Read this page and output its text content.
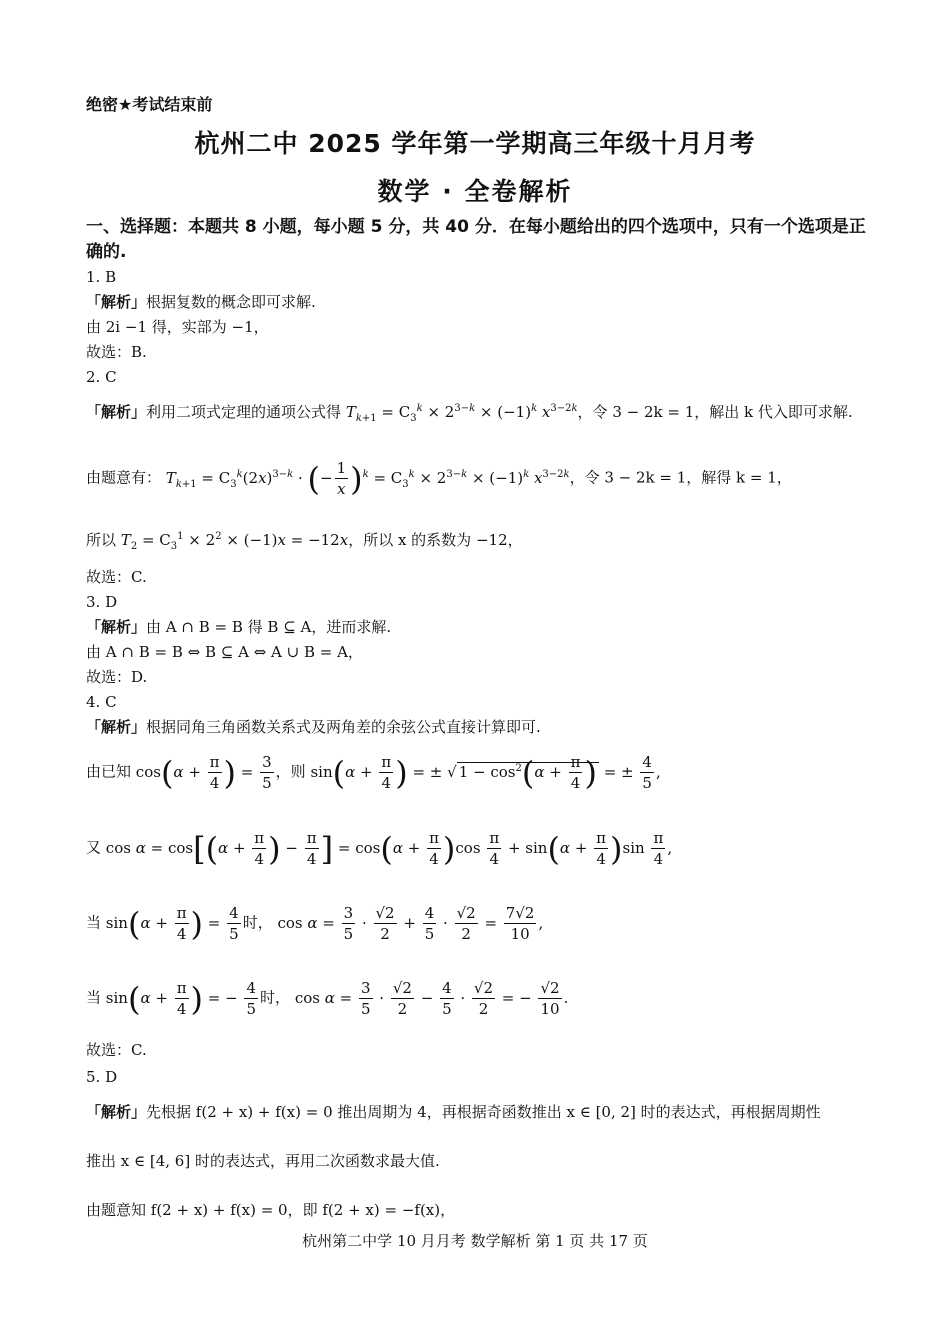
绝密★考试结束前
杭州二中 2025 学年第一学期高三年级十月月考
数学 · 全卷解析
一、选择题：本题共 8 小题，每小题 5 分，共 40 分．在每小题给出的四个选项中，只有一个选项是正确的.
1. B
「解析」根据复数的概念即可求解.
由 2i −1 得，实部为 −1，
故选：B.
2. C
「解析」利用二项式定理的通项公式得 $T_{k+1} = C_3^k \times 2^{3-k} \times (-1)^k$ $x^{3-2k}$，令 3 − 2k = 1，解出 k 代入即可求解.
由题意有： $T_{k+1} = C_3^k(2x)^{3-k}$ · (− $\frac{1}{x} )^k = C_3^k \times 2^{3-k} \times (-1)^k$ $x^{3-2k}$，令 3 − 2k = 1，解得 k = 1，
所以 $T_2 = C_3^1 \times 2^2 \times (-1)x = -12x$，所以 x 的系数为 −12，
故选：C.
3. D
「解析」由 A ∩ B = B 得 B ⊆ A，进而求解.
由 A ∩ B = B ⇔ B ⊆ A ⇔ A ∪ B = A，
故选：D.
4. C
「解析」根据同角三角函数关系式及两角差的余弦公式直接计算即可.
由已知 $\cos(\alpha + \frac{\pi}{4}$ ) = $\frac{3}{5}$ ，则 $\sin(\alpha + \frac{\pi}{4}$ ) = ± √ $1 - \cos^2(\alpha + \frac{\pi}{4}$ ) = ± $\frac{4}{5}$ ,
又 $\cos \alpha = \cos[(\alpha + \frac{\pi}{4}$ ) − $\frac{\pi}{4}$ ] = $\cos(\alpha + \frac{\pi}{4} )\cos \frac{\pi}{4} + \sin(\alpha + \frac{\pi}{4} )\sin \frac{\pi}{4}$ ,
当 $\sin(\alpha + \frac{\pi}{4}$ ) = $\frac{4}{5}$ 时， $\cos \alpha = \frac{3}{5} \cdot \frac{√2}{2} + \frac{4}{5} \cdot \frac{√2}{2} = \frac{7√2}{10}$ ,
当 $\sin(\alpha + \frac{\pi}{4}$ ) = − $\frac{4}{5}$ 时， $\cos \alpha = \frac{3}{5} \cdot \frac{√2}{2} - \frac{4}{5} \cdot \frac{√2}{2}$ = − $\frac{√2}{10}$ .
故选：C.
5. D
「解析」先根据 f(2 + x) + f(x) = 0 推出周期为 4，再根据奇函数推出 x ∈ [0, 2] 时的表达式，再根据周期性
推出 x ∈ [4, 6] 时的表达式，再用二次函数求最大值.
由题意知 f(2 + x) + f(x) = 0，即 f(2 + x) = −f(x)，
杭州第二中学 10 月月考 数学解析 第 1 页 共 17 页
